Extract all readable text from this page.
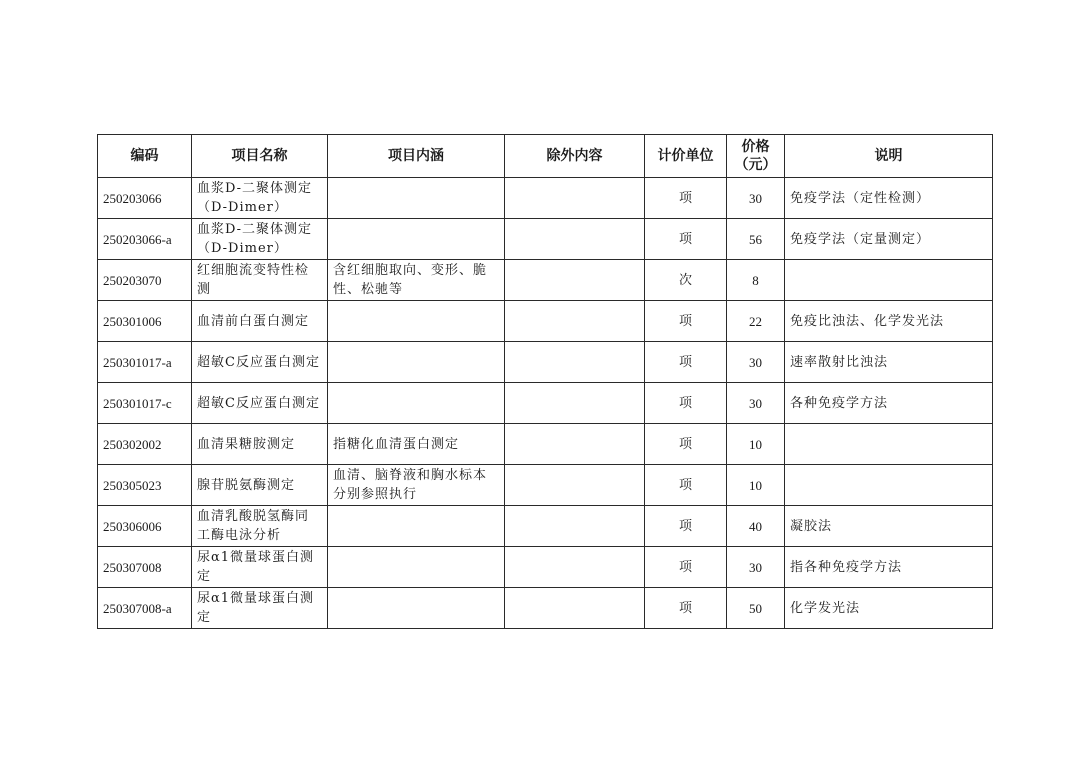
编码	项目名称	项目内涵	除外内容	计价单位	价格（元）	说明
250203066	血浆D-二聚体测定（D-Dimer）			项	30	免疫学法（定性检测）
250203066-a	血浆D-二聚体测定（D-Dimer）			项	56	免疫学法（定量测定）
250203070	红细胞流变特性检测	含红细胞取向、变形、脆性、松驰等		次	8	
250301006	血清前白蛋白测定			项	22	免疫比浊法、化学发光法
250301017-a	超敏C反应蛋白测定			项	30	速率散射比浊法
250301017-c	超敏C反应蛋白测定			项	30	各种免疫学方法
250302002	血清果糖胺测定	指糖化血清蛋白测定		项	10	
250305023	腺苷脱氨酶测定	血清、脑脊液和胸水标本分别参照执行		项	10	
250306006	血清乳酸脱氢酶同工酶电泳分析			项	40	凝胶法
250307008	尿α1微量球蛋白测定			项	30	指各种免疫学方法
250307008-a	尿α1微量球蛋白测定			项	50	化学发光法
